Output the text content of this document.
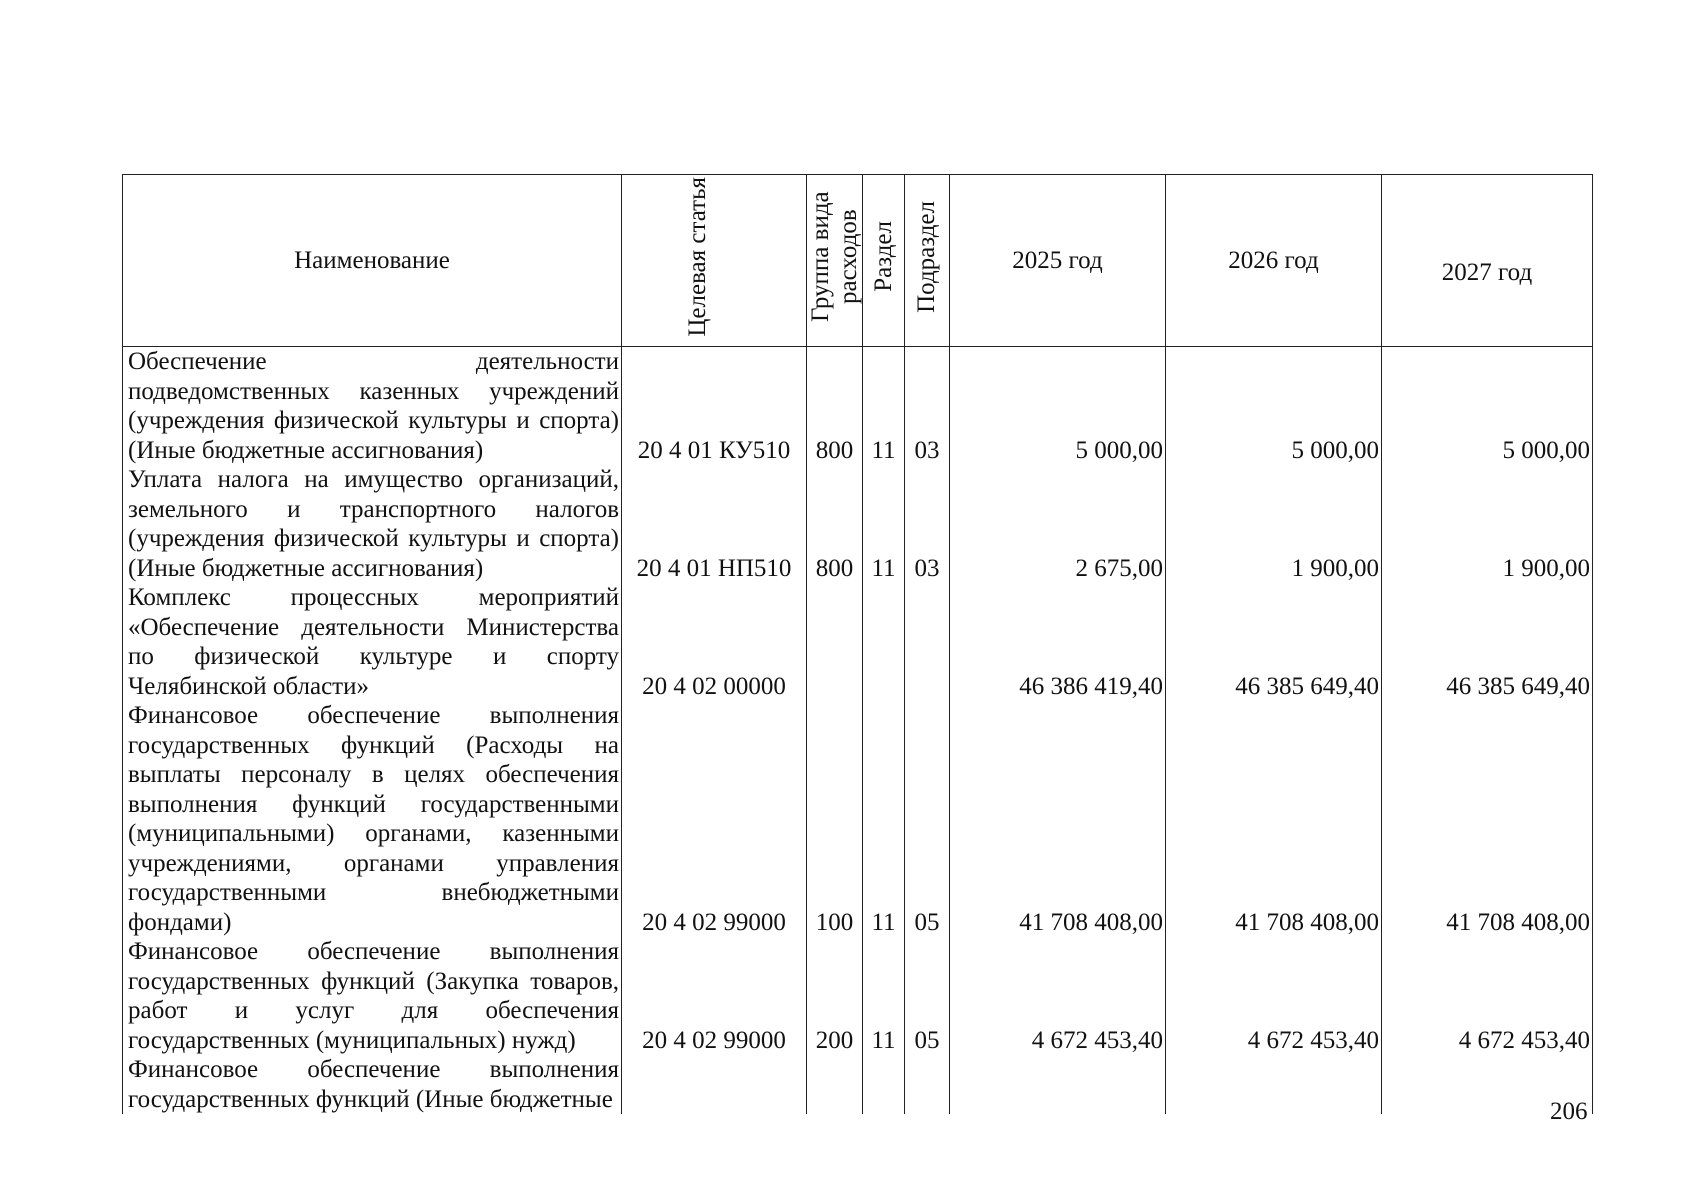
Наименование	Целевая статья	Группа вида расходов	Раздел	Подраздел	2025 год	2026 год	2027 год
Обеспечение деятельности подведомственных казенных учреждений (учреждения физической культуры и спорта) (Иные бюджетные ассигнования)	20 4 01 КУ510	800	11	03	5 000,00	5 000,00	5 000,00
Уплата налога на имущество организаций, земельного и транспортного налогов (учреждения физической культуры и спорта) (Иные бюджетные ассигнования)	20 4 01 НП510	800	11	03	2 675,00	1 900,00	1 900,00
Комплекс процессных мероприятий «Обеспечение деятельности Министерства по физической культуре и спорту Челябинской области»	20 4 02 00000				46 386 419,40	46 385 649,40	46 385 649,40
Финансовое обеспечение выполнения государственных функций (Расходы на выплаты персоналу в целях обеспечения выполнения функций государственными (муниципальными) органами, казенными учреждениями, органами управления государственными внебюджетными фондами)	20 4 02 99000	100	11	05	41 708 408,00	41 708 408,00	41 708 408,00
Финансовое обеспечение выполнения государственных функций (Закупка товаров, работ и услуг для обеспечения государственных (муниципальных) нужд)	20 4 02 99000	200	11	05	4 672 453,40	4 672 453,40	4 672 453,40
Финансовое обеспечение выполнения государственных функций (Иные бюджетные								206
